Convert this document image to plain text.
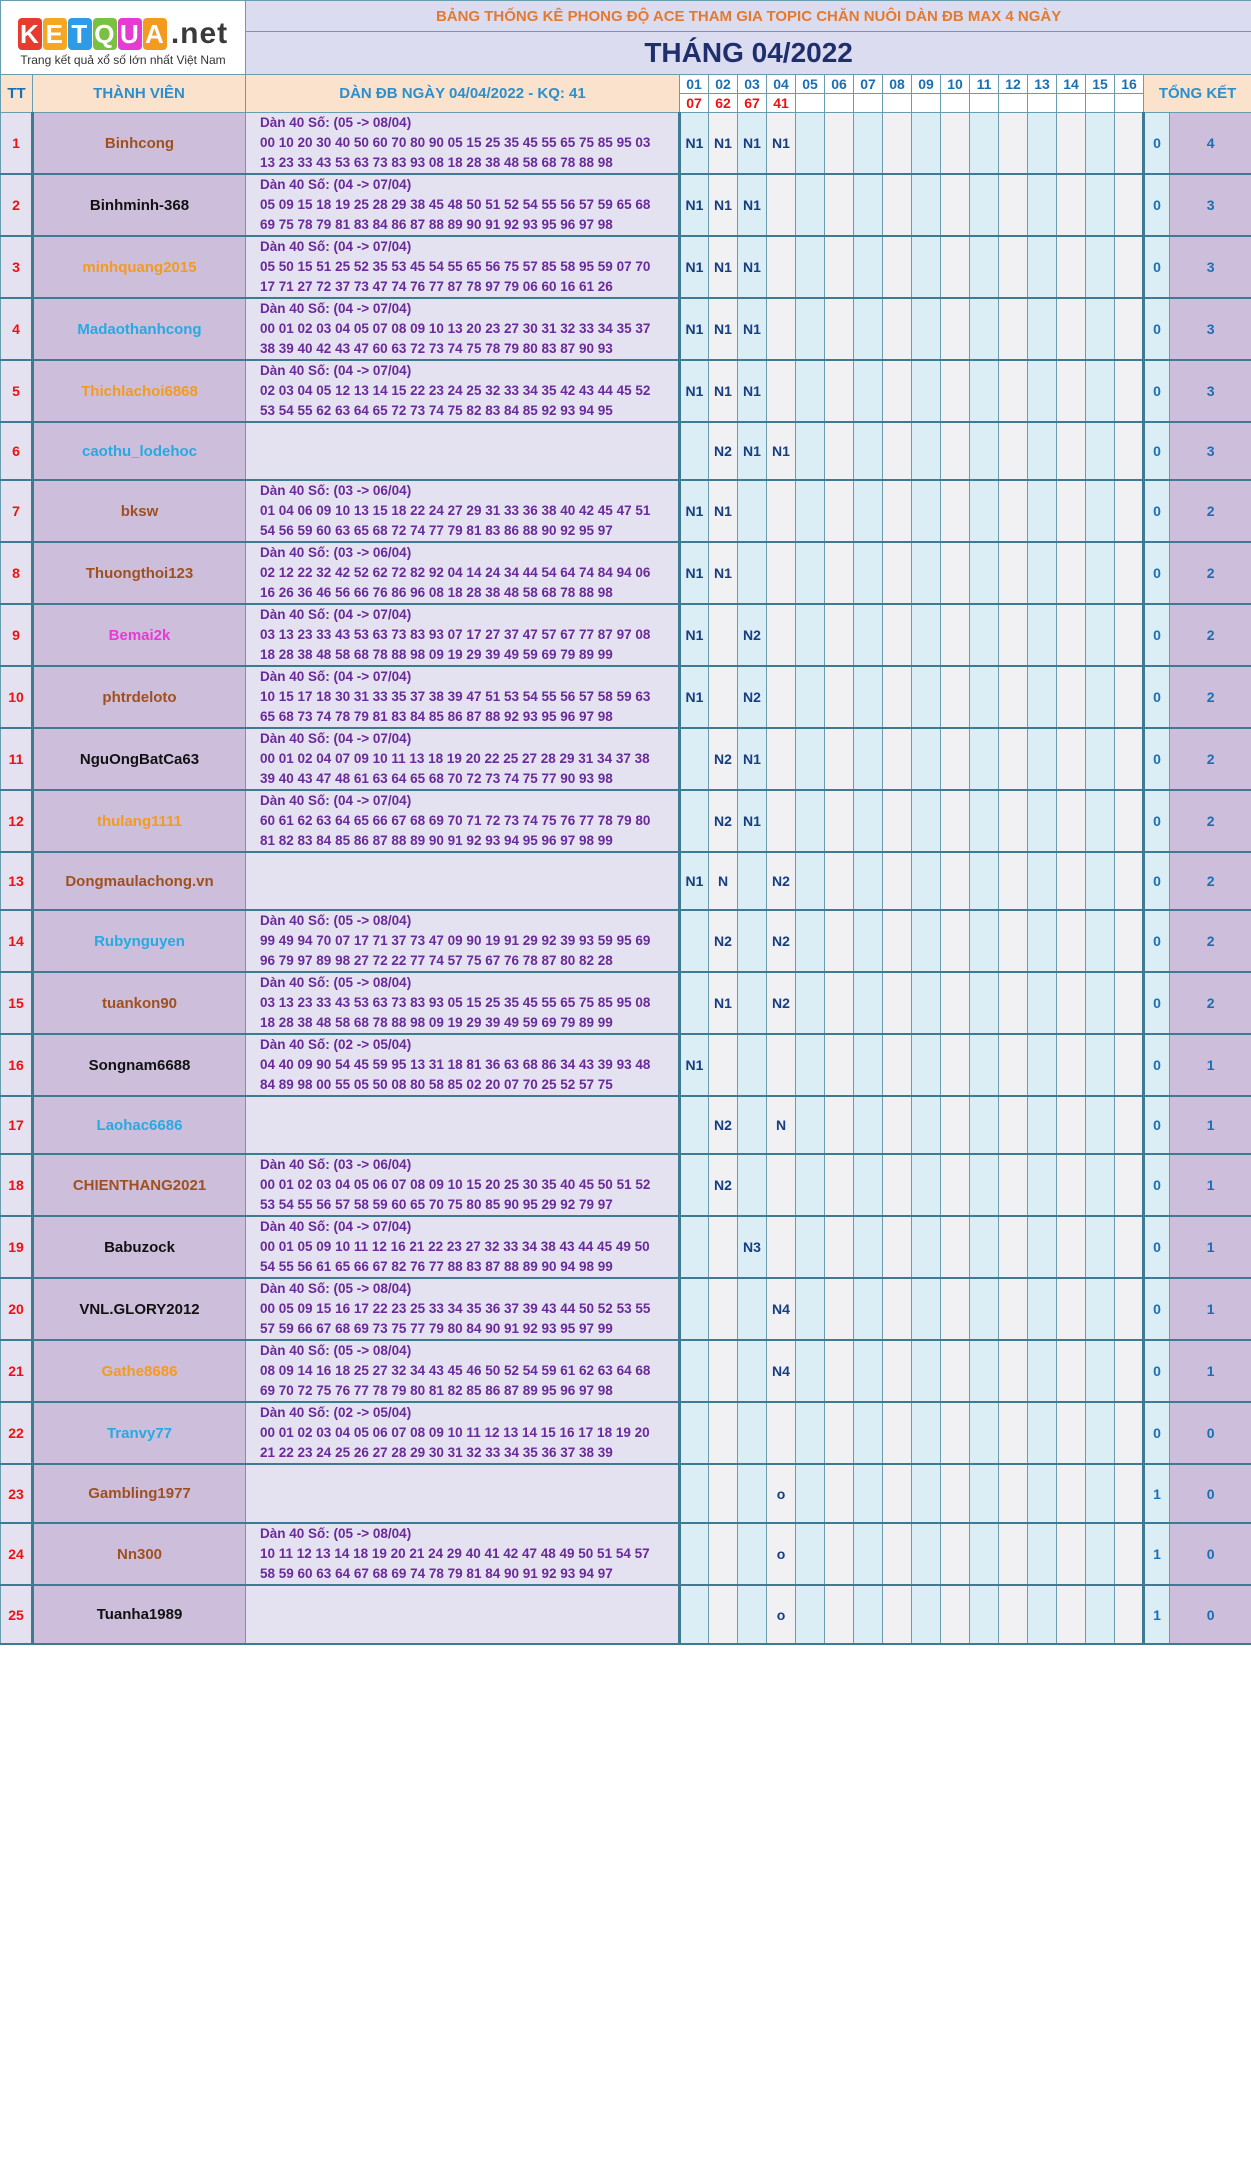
K E T Q U A .net
Trang kết quả xổ số lớn nhất Việt Nam		BẢNG THỐNG KÊ PHONG ĐỘ ACE THAM GIA TOPIC CHĂN NUÔI DÀN ĐB MAX 4 NGÀY																		
		THÁNG 04/2022																		
TT	THÀNH VIÊN	DÀN ĐB NGÀY 04/04/2022 - KQ: 41	01	02	03	04	05	06	07	08	09	10	11	12	13	14	15	16	TỔNG KẾT	
			07	62	67	41														
1	Binhcong	Dàn 40 Số: (05 -> 08/04)
00 10 20 30 40 50 60 70 80 90 05 15 25 35 45 55 65 75 85 95 03
13 23 33 43 53 63 73 83 93 08 18 28 38 48 58 68 78 88 98	N1	N1	N1	N1													0	4
2	Binhminh-368	Dàn 40 Số: (04 -> 07/04)
05 09 15 18 19 25 28 29 38 45 48 50 51 52 54 55 56 57 59 65 68
69 75 78 79 81 83 84 86 87 88 89 90 91 92 93 95 96 97 98	N1	N1	N1														0	3
3	minhquang2015	Dàn 40 Số: (04 -> 07/04)
05 50 15 51 25 52 35 53 45 54 55 65 56 75 57 85 58 95 59 07 70
17 71 27 72 37 73 47 74 76 77 87 78 97 79 06 60 16 61 26	N1	N1	N1														0	3
4	Madaothanhcong	Dàn 40 Số: (04 -> 07/04)
00 01 02 03 04 05 07 08 09 10 13 20 23 27 30 31 32 33 34 35 37
38 39 40 42 43 47 60 63 72 73 74 75 78 79 80 83 87 90 93	N1	N1	N1														0	3
5	Thichlachoi6868	Dàn 40 Số: (04 -> 07/04)
02 03 04 05 12 13 14 15 22 23 24 25 32 33 34 35 42 43 44 45 52
53 54 55 62 63 64 65 72 73 74 75 82 83 84 85 92 93 94 95	N1	N1	N1														0	3
6	caothu_lodehoc			N2	N1	N1													0	3
7	bksw	Dàn 40 Số: (03 -> 06/04)
01 04 06 09 10 13 15 18 22 24 27 29 31 33 36 38 40 42 45 47 51
54 56 59 60 63 65 68 72 74 77 79 81 83 86 88 90 92 95 97	N1	N1															0	2
8	Thuongthoi123	Dàn 40 Số: (03 -> 06/04)
02 12 22 32 42 52 62 72 82 92 04 14 24 34 44 54 64 74 84 94 06
16 26 36 46 56 66 76 86 96 08 18 28 38 48 58 68 78 88 98	N1	N1															0	2
9	Bemai2k	Dàn 40 Số: (04 -> 07/04)
03 13 23 33 43 53 63 73 83 93 07 17 27 37 47 57 67 77 87 97 08
18 28 38 48 58 68 78 88 98 09 19 29 39 49 59 69 79 89 99	N1		N2														0	2
10	phtrdeloto	Dàn 40 Số: (04 -> 07/04)
10 15 17 18 30 31 33 35 37 38 39 47 51 53 54 55 56 57 58 59 63
65 68 73 74 78 79 81 83 84 85 86 87 88 92 93 95 96 97 98	N1		N2														0	2
11	NguOngBatCa63	Dàn 40 Số: (04 -> 07/04)
00 01 02 04 07 09 10 11 13 18 19 20 22 25 27 28 29 31 34 37 38
39 40 43 47 48 61 63 64 65 68 70 72 73 74 75 77 90 93 98		N2	N1														0	2
12	thulang1111	Dàn 40 Số: (04 -> 07/04)
60 61 62 63 64 65 66 67 68 69 70 71 72 73 74 75 76 77 78 79 80
81 82 83 84 85 86 87 88 89 90 91 92 93 94 95 96 97 98 99		N2	N1														0	2
13	Dongmaulachong.vn		N1	N		N2													0	2
14	Rubynguyen	Dàn 40 Số: (05 -> 08/04)
99 49 94 70 07 17 71 37 73 47 09 90 19 91 29 92 39 93 59 95 69
96 79 97 89 98 27 72 22 77 74 57 75 67 76 78 87 80 82 28		N2		N2													0	2
15	tuankon90	Dàn 40 Số: (05 -> 08/04)
03 13 23 33 43 53 63 73 83 93 05 15 25 35 45 55 65 75 85 95 08
18 28 38 48 58 68 78 88 98 09 19 29 39 49 59 69 79 89 99		N1		N2													0	2
16	Songnam6688	Dàn 40 Số: (02 -> 05/04)
04 40 09 90 54 45 59 95 13 31 18 81 36 63 68 86 34 43 39 93 48
84 89 98 00 55 05 50 08 80 58 85 02 20 07 70 25 52 57 75	N1																0	1
17	Laohac6686			N2		N													0	1
18	CHIENTHANG2021	Dàn 40 Số: (03 -> 06/04)
00 01 02 03 04 05 06 07 08 09 10 15 20 25 30 35 40 45 50 51 52
53 54 55 56 57 58 59 60 65 70 75 80 85 90 95 29 92 79 97		N2															0	1
19	Babuzock	Dàn 40 Số: (04 -> 07/04)
00 01 05 09 10 11 12 16 21 22 23 27 32 33 34 38 43 44 45 49 50
54 55 56 61 65 66 67 82 76 77 88 83 87 88 89 90 94 98 99			N3														0	1
20	VNL.GLORY2012	Dàn 40 Số: (05 -> 08/04)
00 05 09 15 16 17 22 23 25 33 34 35 36 37 39 43 44 50 52 53 55
57 59 66 67 68 69 73 75 77 79 80 84 90 91 92 93 95 97 99				N4													0	1
21	Gathe8686	Dàn 40 Số: (05 -> 08/04)
08 09 14 16 18 25 27 32 34 43 45 46 50 52 54 59 61 62 63 64 68
69 70 72 75 76 77 78 79 80 81 82 85 86 87 89 95 96 97 98				N4													0	1
22	Tranvy77	Dàn 40 Số: (02 -> 05/04)
00 01 02 03 04 05 06 07 08 09 10 11 12 13 14 15 16 17 18 19 20
21 22 23 24 25 26 27 28 29 30 31 32 33 34 35 36 37 38 39																	0	0
23	Gambling1977					o													1	0
24	Nn300	Dàn 40 Số: (05 -> 08/04)
10 11 12 13 14 18 19 20 21 24 29 40 41 42 47 48 49 50 51 54 57
58 59 60 63 64 67 68 69 74 78 79 81 84 90 91 92 93 94 97				o													1	0
25	Tuanha1989					o													1	0
